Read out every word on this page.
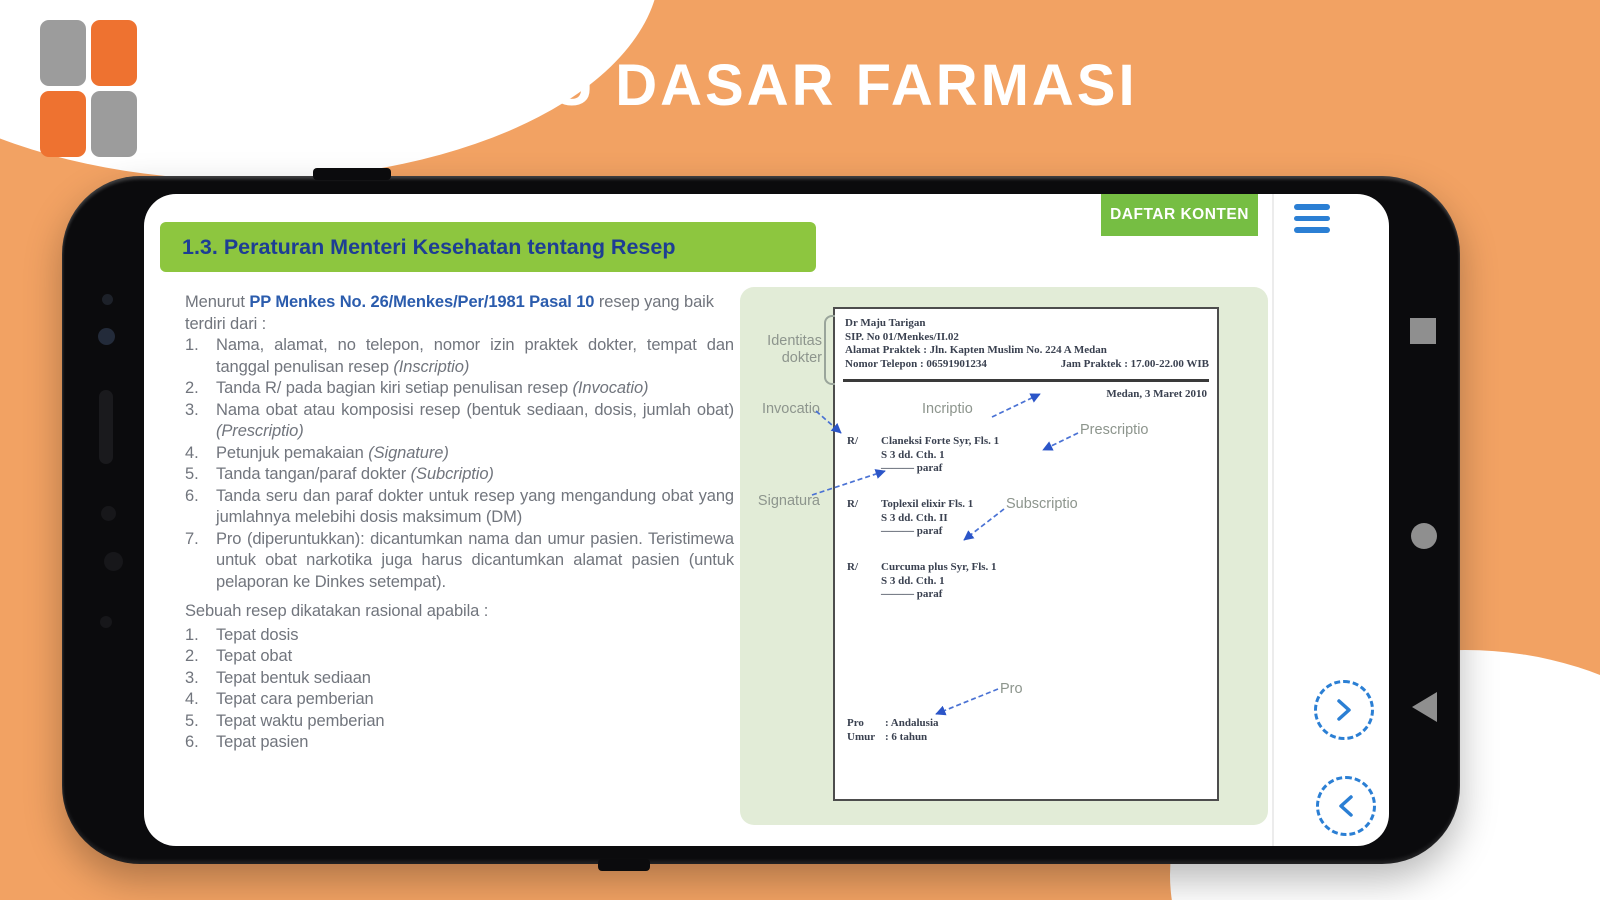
ILMU DASAR FARMASI
DAFTAR KONTEN
1.3. Peraturan Menteri Kesehatan tentang Resep
Menurut PP Menkes No. 26/Menkes/Per/1981 Pasal 10 resep yang baik terdiri dari :
1.	Nama, alamat, no telepon, nomor izin praktek dokter, tempat dan tanggal penulisan resep (Inscriptio)
2.	Tanda R/ pada bagian kiri setiap penulisan resep (Invocatio)
3.	Nama obat atau komposisi resep (bentuk sediaan, dosis, jumlah obat) (Prescriptio)
4.	Petunjuk pemakaian (Signature)
5.	Tanda tangan/paraf dokter (Subcriptio)
6.	Tanda seru dan paraf dokter untuk resep yang mengandung obat yang jumlahnya melebihi dosis maksimum (DM)
7.	Pro (diperuntukkan): dicantumkan nama dan umur pasien. Teristimewa untuk obat narkotika juga harus dicantumkan alamat pasien (untuk pelaporan ke Dinkes setempat).
Sebuah resep dikatakan rasional apabila :
1.	Tepat dosis
2.	Tepat obat
3.	Tepat bentuk sediaan
4.	Tepat cara pemberian
5.	Tepat waktu pemberian
6.	Tepat pasien
Dr Maju Tarigan
SIP. No 01/Menkes/II.02
Alamat Praktek : Jln. Kapten Muslim No. 224 A Medan
Nomor Telepon : 06591901234	Jam Praktek : 17.00-22.00 WIB
Medan, 3 Maret 2010
R/	Claneksi Forte Syr, Fls. 1
S 3 dd. Cth. 1
——— paraf
R/	Toplexil elixir Fls. 1
S 3 dd. Cth. II
——— paraf
R/	Curcuma plus Syr, Fls. 1
S 3 dd. Cth. 1
——— paraf
Pro	: Andalusia
Umur : 6 tahun
Identitas dokter
Invocatio
Signatura
Incriptio
Prescriptio
Subscriptio
Pro
